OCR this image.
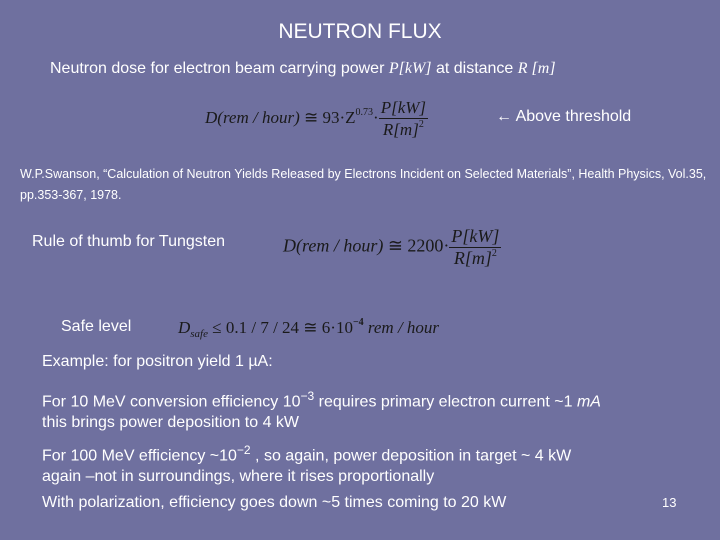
NEUTRON FLUX
Neutron dose for electron beam carrying power P[kW] at distance R [m]
D(rem / hour) ≅ $93\cdot Z^{0.73}\cdot \frac{P[kW]}{R[m]^2}$	← Above threshold
W.P.Swanson, “Calculation of Neutron Yields Released by Electrons Incident on Selected Materials”, Health Physics, Vol.35, pp.353-367, 1978.
Rule of thumb for Tungsten	D(rem / hour) ≅ $2200\cdot \frac{P[kW]}{R[m]^2}$
Safe level	$D_{safe} \le 0.1 / 7 / 24$ ≅ $6\cdot 10^{-4}$ rem / hour
Example: for positron yield 1 µA:
For 10 MeV conversion efficiency $10^{-3}$ requires primary electron current ~1 mA
this brings power deposition to 4 kW
For 100 MeV efficiency $\sim 10^{-2}$ , so again, power deposition in target ~ 4 kW
again –not in surroundings, where it rises proportionally
With polarization, efficiency goes down ~5 times coming to 20 kW	13
